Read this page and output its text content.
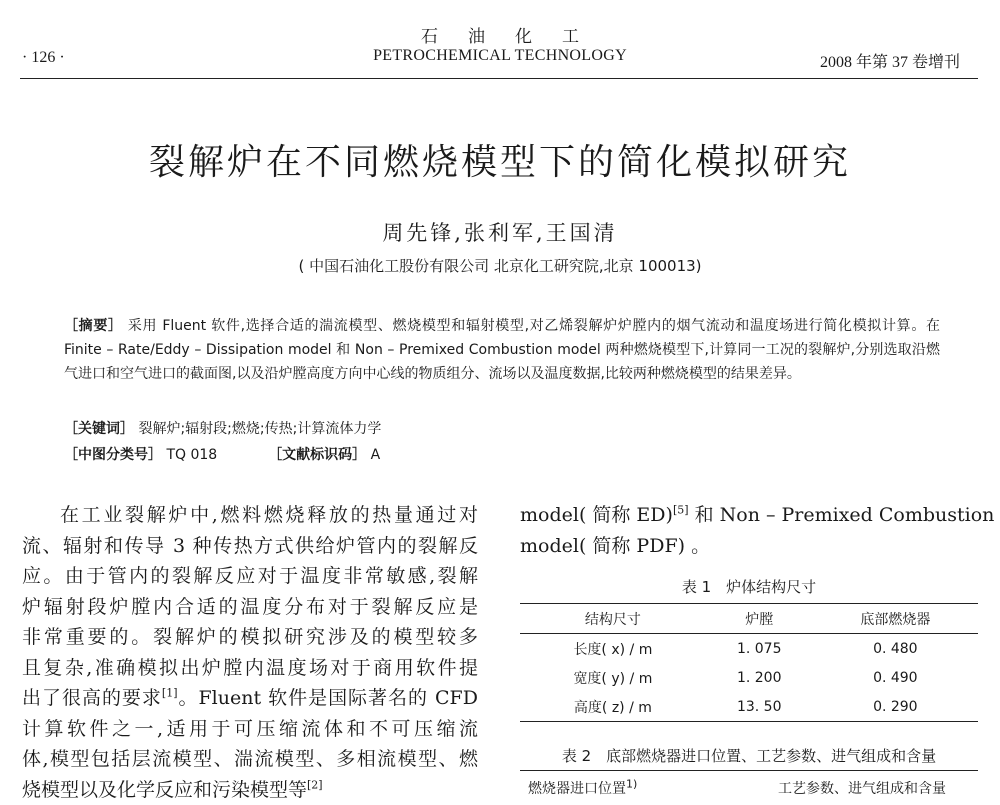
石油化工
· 126 ·	PETROCHEMICAL TECHNOLOGY	2008 年第 37 卷增刊
裂解炉在不同燃烧模型下的简化模拟研究
周先锋,张利军,王国清
( 中国石油化工股份有限公司 北京化工研究院,北京 100013)
［摘要］ 采用 Fluent 软件,选择合适的湍流模型、燃烧模型和辐射模型,对乙烯裂解炉炉膛内的烟气流动和温度场进行简化模拟计算。在 Finite – Rate/Eddy – Dissipation model 和 Non – Premixed Combustion model 两种燃烧模型下,计算同一工况的裂解炉,分别选取沿燃气进口和空气进口的截面图,以及沿炉膛高度方向中心线的物质组分、流场以及温度数据,比较两种燃烧模型的结果差异。
［关键词］ 裂解炉;辐射段;燃烧;传热;计算流体力学
［中图分类号］ TQ 018	［文献标识码］ A
在工业裂解炉中,燃料燃烧释放的热量通过对
流、辐射和传导 3 种传热方式供给炉管内的裂解反
应。由于管内的裂解反应对于温度非常敏感,裂解
炉辐射段炉膛内合适的温度分布对于裂解反应是
非常重要的。裂解炉的模拟研究涉及的模型较多
且复杂,准确模拟出炉膛内温度场对于商用软件提
出了很高的要求[1]。Fluent 软件是国际著名的 CFD
计算软件之一,适用于可压缩流体和不可压缩流
体,模型包括层流模型、湍流模型、多相流模型、燃
烧模型以及化学反应和污染模型等[2]
model( 简称 ED)[5] 和 Non – Premixed Combustion
model( 简称 PDF) 。
表 1　炉体结构尺寸
结构尺寸	炉膛	底部燃烧器
长度( x) / m	1. 075	0. 480
宽度( y) / m	1. 200	0. 490
高度( z) / m	13. 50	0. 290
表 2　底部燃烧器进口位置、工艺参数、进气组成和含量
燃烧器进口位置$^{1)}$	工艺参数、进气组成和含量
